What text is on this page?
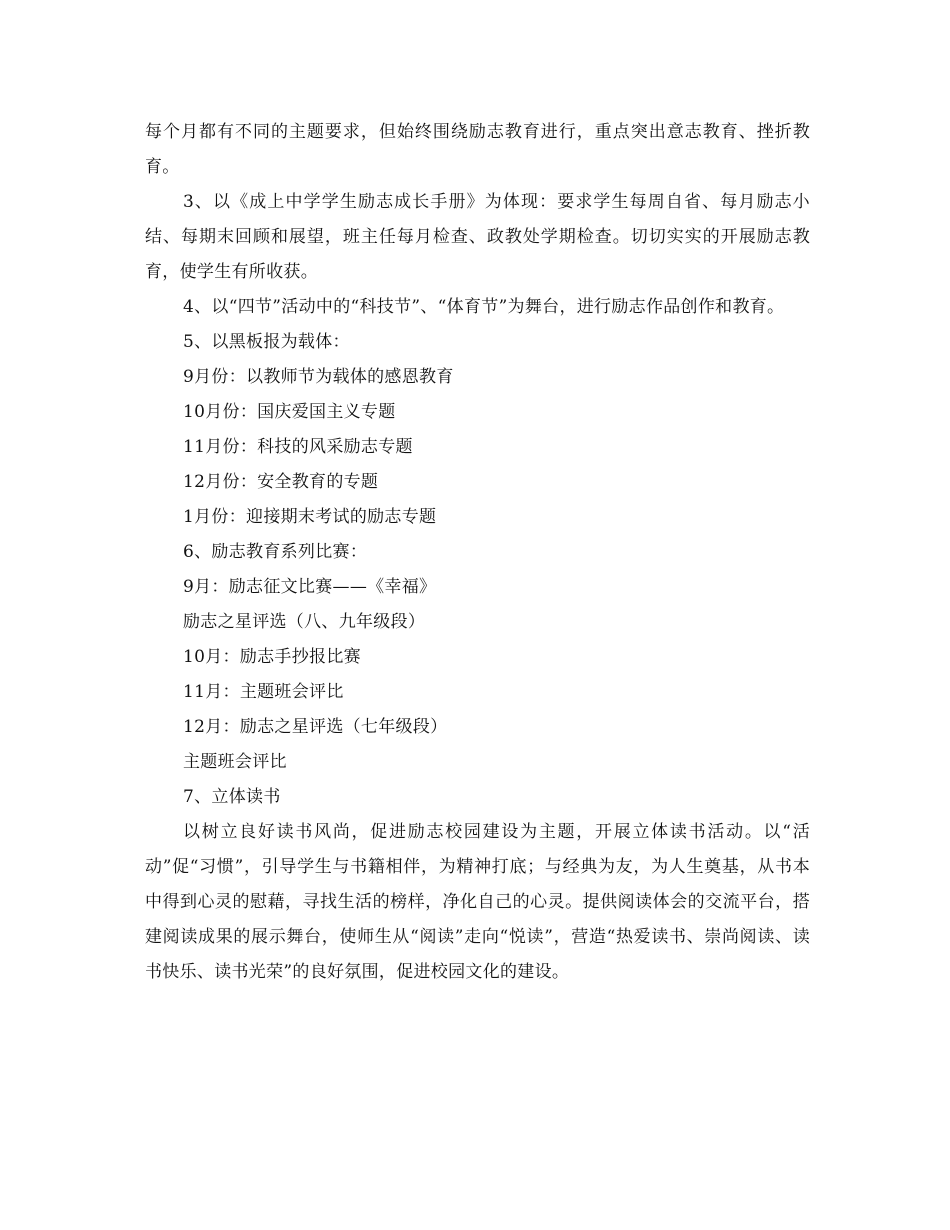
每个月都有不同的主题要求，但始终围绕励志教育进行，重点突出意志教育、挫折教育。

3、以《成上中学学生励志成长手册》为体现：要求学生每周自省、每月励志小结、每期末回顾和展望，班主任每月检查、政教处学期检查。切切实实的开展励志教育，使学生有所收获。

4、以“四节”活动中的“科技节”、“体育节”为舞台，进行励志作品创作和教育。

5、以黑板报为载体：

9月份：以教师节为载体的感恩教育

10月份：国庆爱国主义专题

11月份：科技的风采励志专题

12月份：安全教育的专题

1月份：迎接期末考试的励志专题

6、励志教育系列比赛：

9月：励志征文比赛——《幸福》

励志之星评选（八、九年级段）

10月：励志手抄报比赛

11月：主题班会评比

12月：励志之星评选（七年级段）

主题班会评比

7、立体读书

以树立良好读书风尚，促进励志校园建设为主题，开展立体读书活动。以“活动”促“习惯”，引导学生与书籍相伴，为精神打底；与经典为友，为人生奠基，从书本中得到心灵的慰藉，寻找生活的榜样，净化自己的心灵。提供阅读体会的交流平台，搭建阅读成果的展示舞台，使师生从“阅读”走向“悦读”，营造“热爱读书、崇尚阅读、读书快乐、读书光荣”的良好氛围，促进校园文化的建设。
